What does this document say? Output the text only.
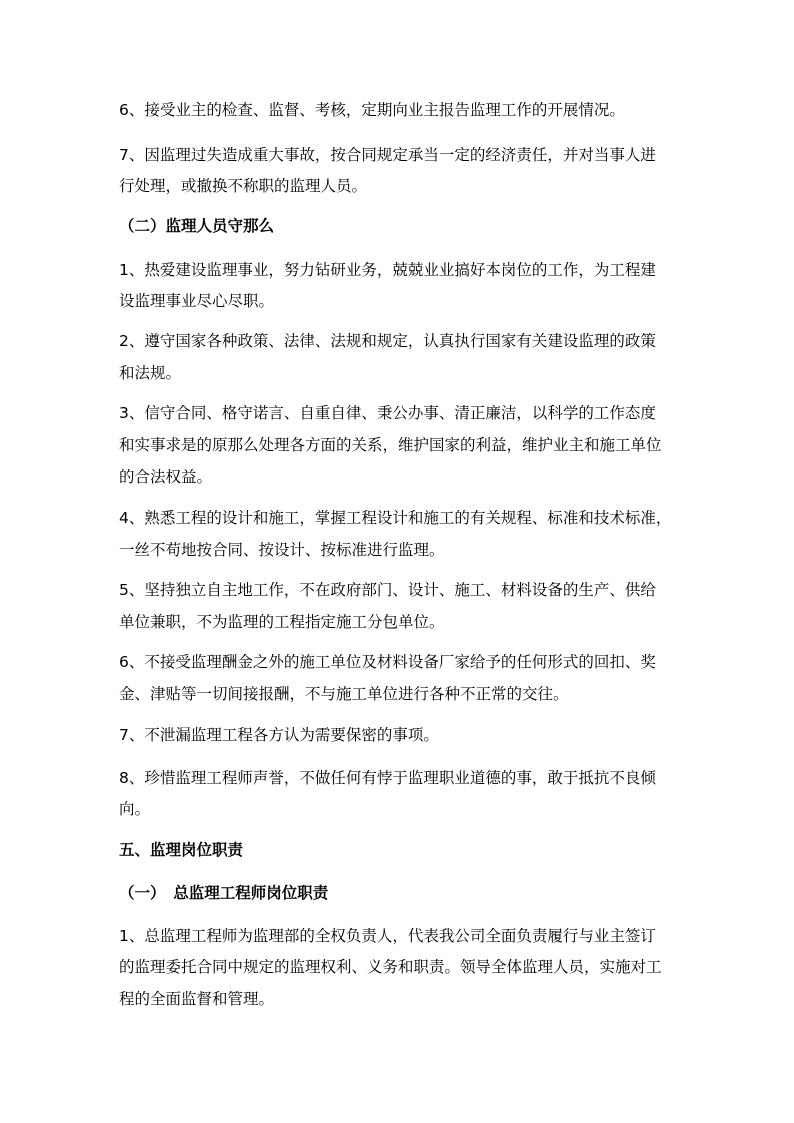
6、接受业主的检查、监督、考核，定期向业主报告监理工作的开展情况。
7、因监理过失造成重大事故，按合同规定承当一定的经济责任，并对当事人进
行处理，或撤换不称职的监理人员。
（二）监理人员守那么
1、热爱建设监理事业，努力钻研业务，兢兢业业搞好本岗位的工作，为工程建
设监理事业尽心尽职。
2、遵守国家各种政策、法律、法规和规定，认真执行国家有关建设监理的政策
和法规。
3、信守合同、格守诺言、自重自律、秉公办事、清正廉洁，以科学的工作态度
和实事求是的原那么处理各方面的关系，维护国家的利益，维护业主和施工单位
的合法权益。
4、熟悉工程的设计和施工，掌握工程设计和施工的有关规程、标准和技术标准，
一丝不苟地按合同、按设计、按标准进行监理。
5、坚持独立自主地工作，不在政府部门、设计、施工、材料设备的生产、供给
单位兼职，不为监理的工程指定施工分包单位。
6、不接受监理酬金之外的施工单位及材料设备厂家给予的任何形式的回扣、奖
金、津贴等一切间接报酬，不与施工单位进行各种不正常的交往。
7、不泄漏监理工程各方认为需要保密的事项。
8、珍惜监理工程师声誉，不做任何有悖于监理职业道德的事，敢于抵抗不良倾
向。
五、监理岗位职责
（一）　总监理工程师岗位职责
1、总监理工程师为监理部的全权负责人，代表我公司全面负责履行与业主签订
的监理委托合同中规定的监理权利、义务和职责。领导全体监理人员，实施对工
程的全面监督和管理。
